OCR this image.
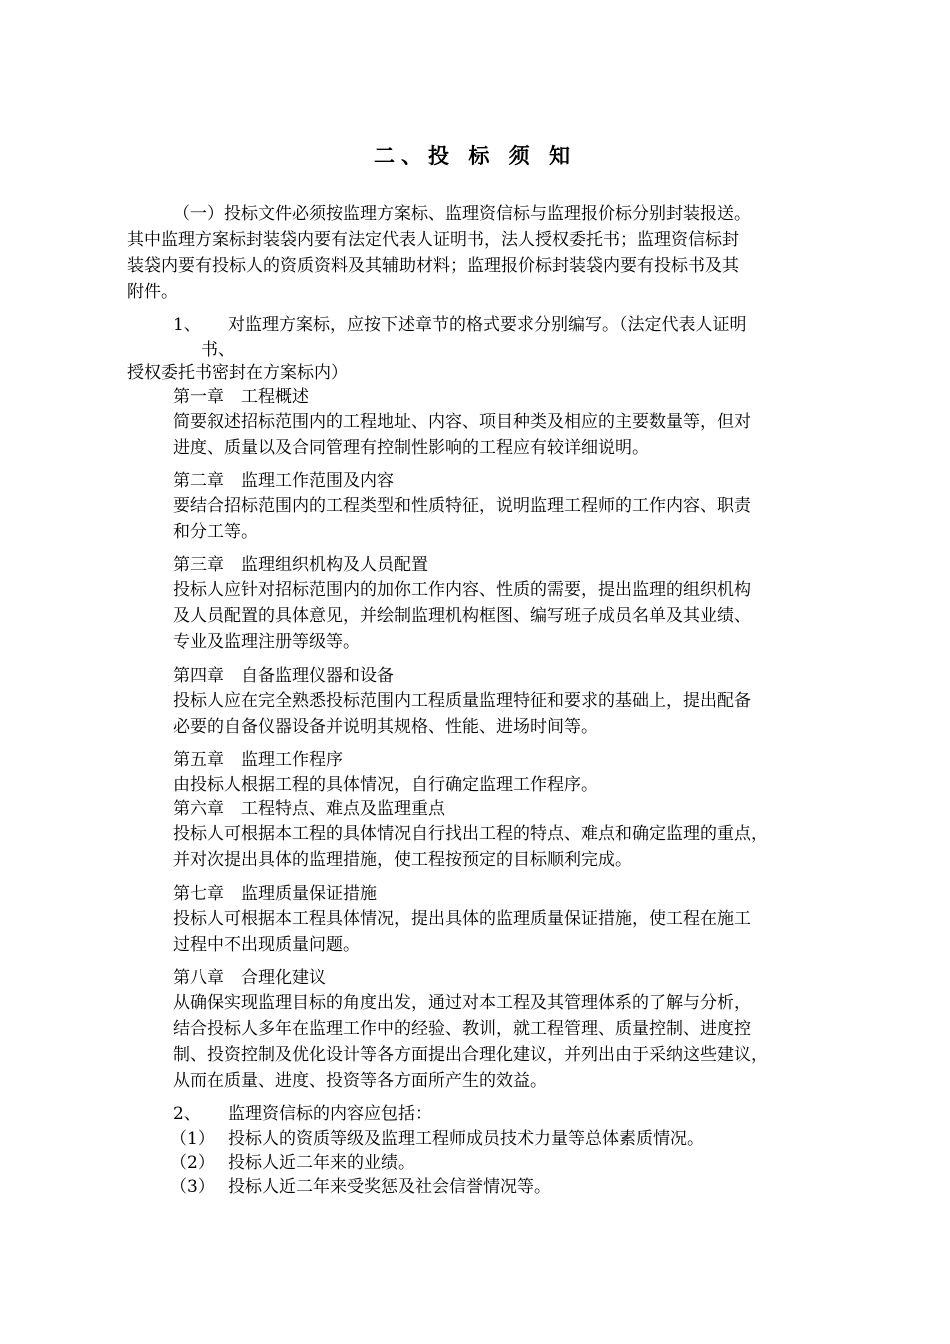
二、投 标 须 知
（一）投标文件必须按监理方案标、监理资信标与监理报价标分别封装报送。
其中监理方案标封装袋内要有法定代表人证明书，法人授权委托书；监理资信标封
装袋内要有投标人的资质资料及其辅助材料；监理报价标封装袋内要有投标书及其
附件。
1、 对监理方案标，应按下述章节的格式要求分别编写。（法定代表人证明
书、
授权委托书密封在方案标内）
第一章　工程概述
简要叙述招标范围内的工程地址、内容、项目种类及相应的主要数量等，但对
进度、质量以及合同管理有控制性影响的工程应有较详细说明。
第二章　监理工作范围及内容
要结合招标范围内的工程类型和性质特征，说明监理工程师的工作内容、职责
和分工等。
第三章　监理组织机构及人员配置
投标人应针对招标范围内的加你工作内容、性质的需要，提出监理的组织机构
及人员配置的具体意见，并绘制监理机构框图、编写班子成员名单及其业绩、
专业及监理注册等级等。
第四章　自备监理仪器和设备
投标人应在完全熟悉投标范围内工程质量监理特征和要求的基础上，提出配备
必要的自备仪器设备并说明其规格、性能、进场时间等。
第五章　监理工作程序
由投标人根据工程的具体情况，自行确定监理工作程序。
第六章　工程特点、难点及监理重点
投标人可根据本工程的具体情况自行找出工程的特点、难点和确定监理的重点，
并对次提出具体的监理措施，使工程按预定的目标顺利完成。
第七章　监理质量保证措施
投标人可根据本工程具体情况，提出具体的监理质量保证措施，使工程在施工
过程中不出现质量问题。
第八章　合理化建议
从确保实现监理目标的角度出发，通过对本工程及其管理体系的了解与分析，
结合投标人多年在监理工作中的经验、教训，就工程管理、质量控制、进度控
制、投资控制及优化设计等各方面提出合理化建议，并列出由于采纳这些建议，
从而在质量、进度、投资等各方面所产生的效益。
2、 监理资信标的内容应包括：
（1） 投标人的资质等级及监理工程师成员技术力量等总体素质情况。
（2） 投标人近二年来的业绩。
（3） 投标人近二年来受奖惩及社会信誉情况等。
